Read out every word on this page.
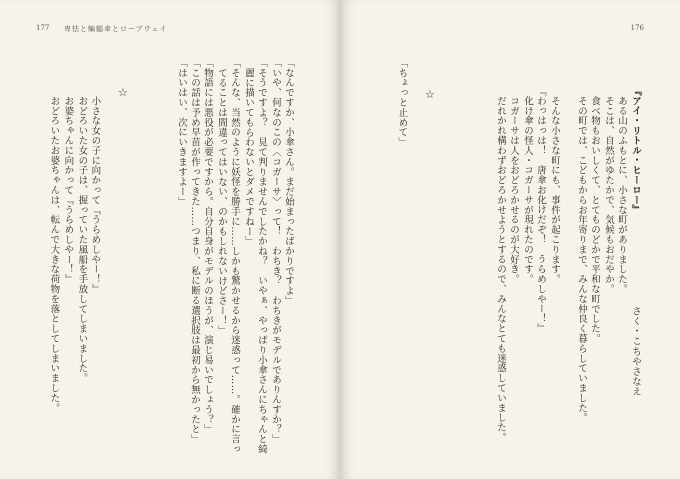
177 卑怯と蝙蝠傘とロープウェイ
「なんですか、小傘さん。まだ始まったばかりですよ」
「いや、何なのこの〈コガーサ〉って！　わちき？　わちきがモデルでありんすか？」
「そうですよ？　見て判りませんでしたかね？　いやぁ、やっぱり小傘さんにちゃんと綺
麗に描いてもらわないとダメですねー」
「そんな、当然のように妖怪を勝手に……しかも驚かせるから迷惑って……。確かに言っ
てることは間違ってはいない、のかもしれないけどさー！」
「物語には悪役が必要ですから。自分自身がモデルのほうが、演じ易いでしょう？」
「この話は予め早苗が作ってきた……つまり、私に断る選択肢は最初から無かったと」
「はいはい、次にいきますよー」
☆
小さな女の子に向かって『うらめしやー！』
おどろいた女の子は、握っていた風船を手放してしまいました。
お婆ちゃんに向かって『うらめしやー！』
おどろいたお婆ちゃんは、転んで大きな荷物を落としてしまいました。
176
『アイ・リトル・ヒーロー』
さく・こちやさなえ
ある山のふもとに、小さな町がありました。
そこは、自然がゆたかで、気候もおだやか。
食べ物もおいしくて、とてものどかで平和な町でした。
その町では、こどもからお年寄りまで、みんな仲良く暮らしていました。
そんな小さな町にも、事件が起こります。
『わっはっは！　唐傘お化けだぞ！　うらめしやー！』
化け傘の怪人・コガーサが現れたのです。
コガーサは人をおどろかせるのが大好き。
だれかれ構わずおどろかせようとするので、みんなとても迷惑していました。
☆
「ちょっと止めて」
